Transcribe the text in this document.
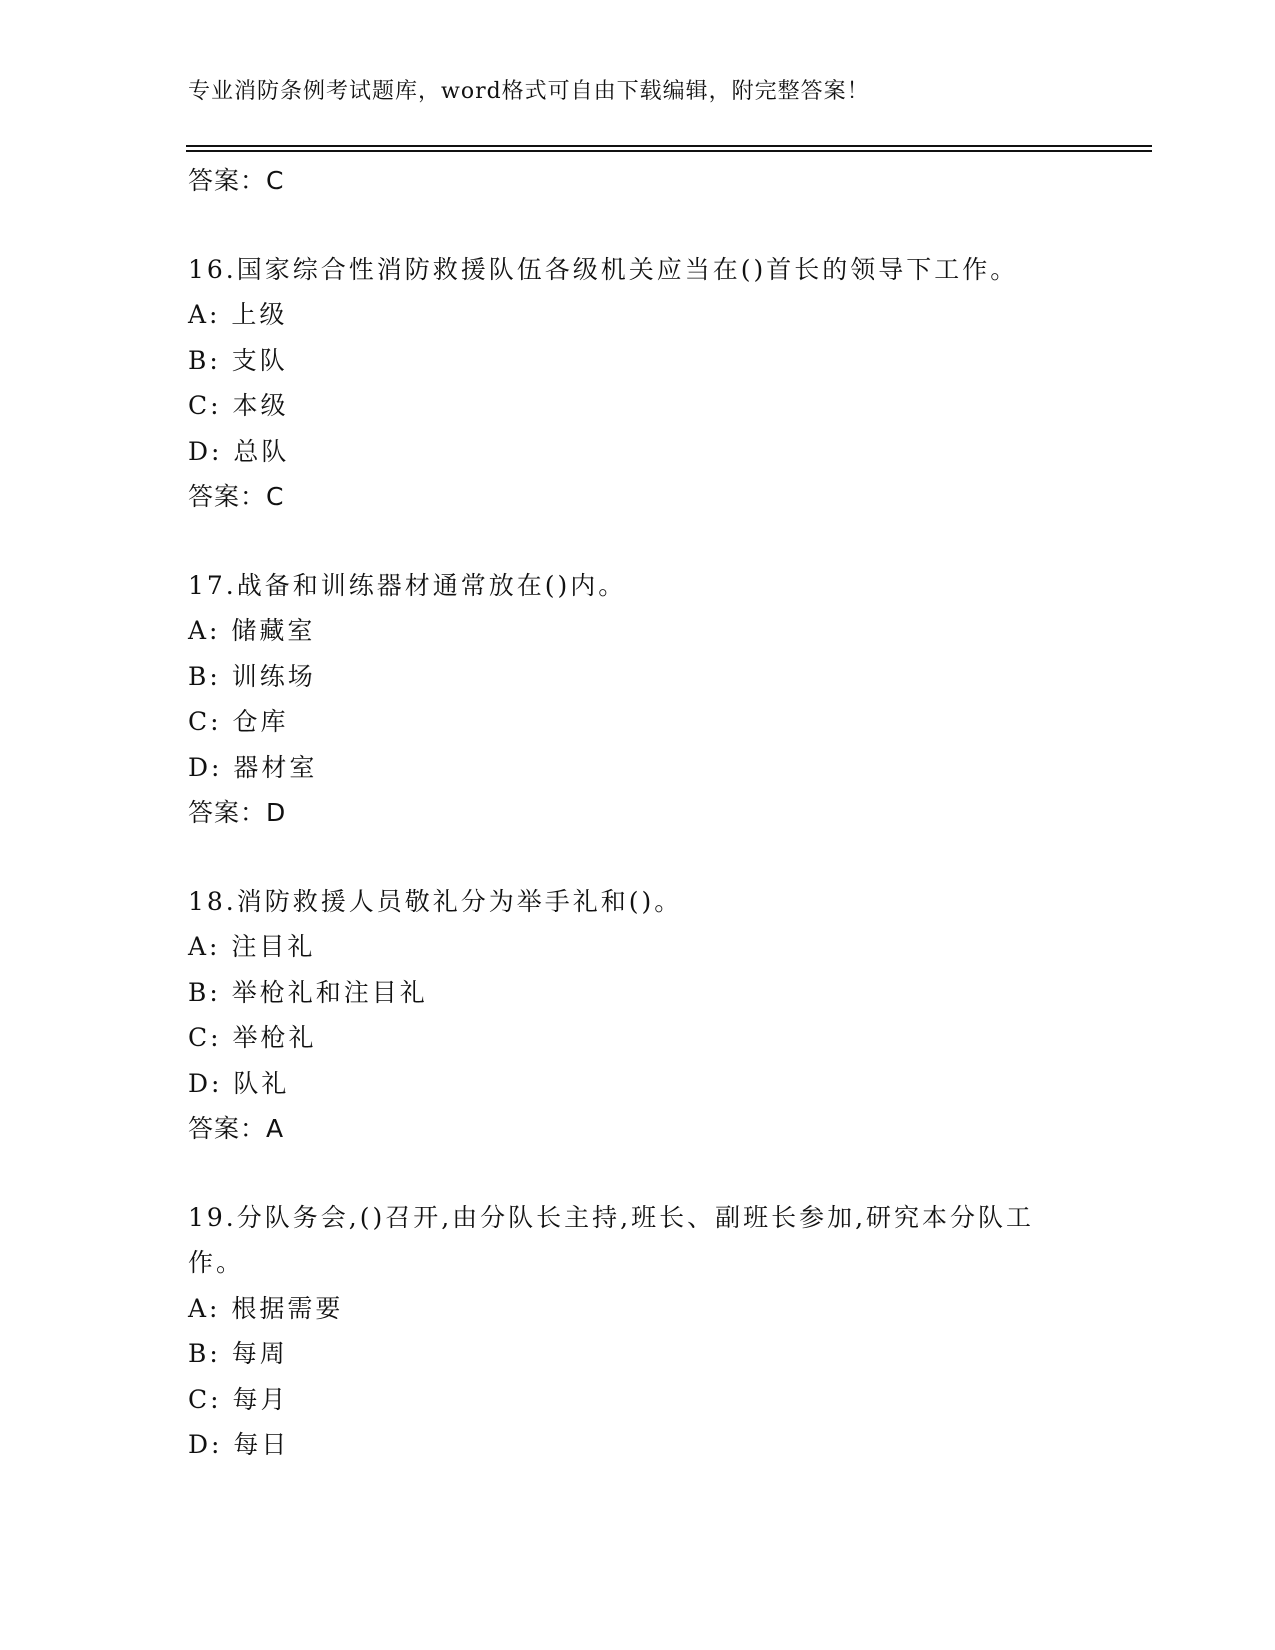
专业消防条例考试题库，word格式可自由下载编辑，附完整答案！
答案：C
16.国家综合性消防救援队伍各级机关应当在()首长的领导下工作。
A: 上级
B: 支队
C: 本级
D: 总队
答案：C
17.战备和训练器材通常放在()内。
A: 储藏室
B: 训练场
C: 仓库
D: 器材室
答案：D
18.消防救援人员敬礼分为举手礼和()。
A: 注目礼
B: 举枪礼和注目礼
C: 举枪礼
D: 队礼
答案：A
19.分队务会,()召开,由分队长主持,班长、副班长参加,研究本分队工作。
A: 根据需要
B: 每周
C: 每月
D: 每日
